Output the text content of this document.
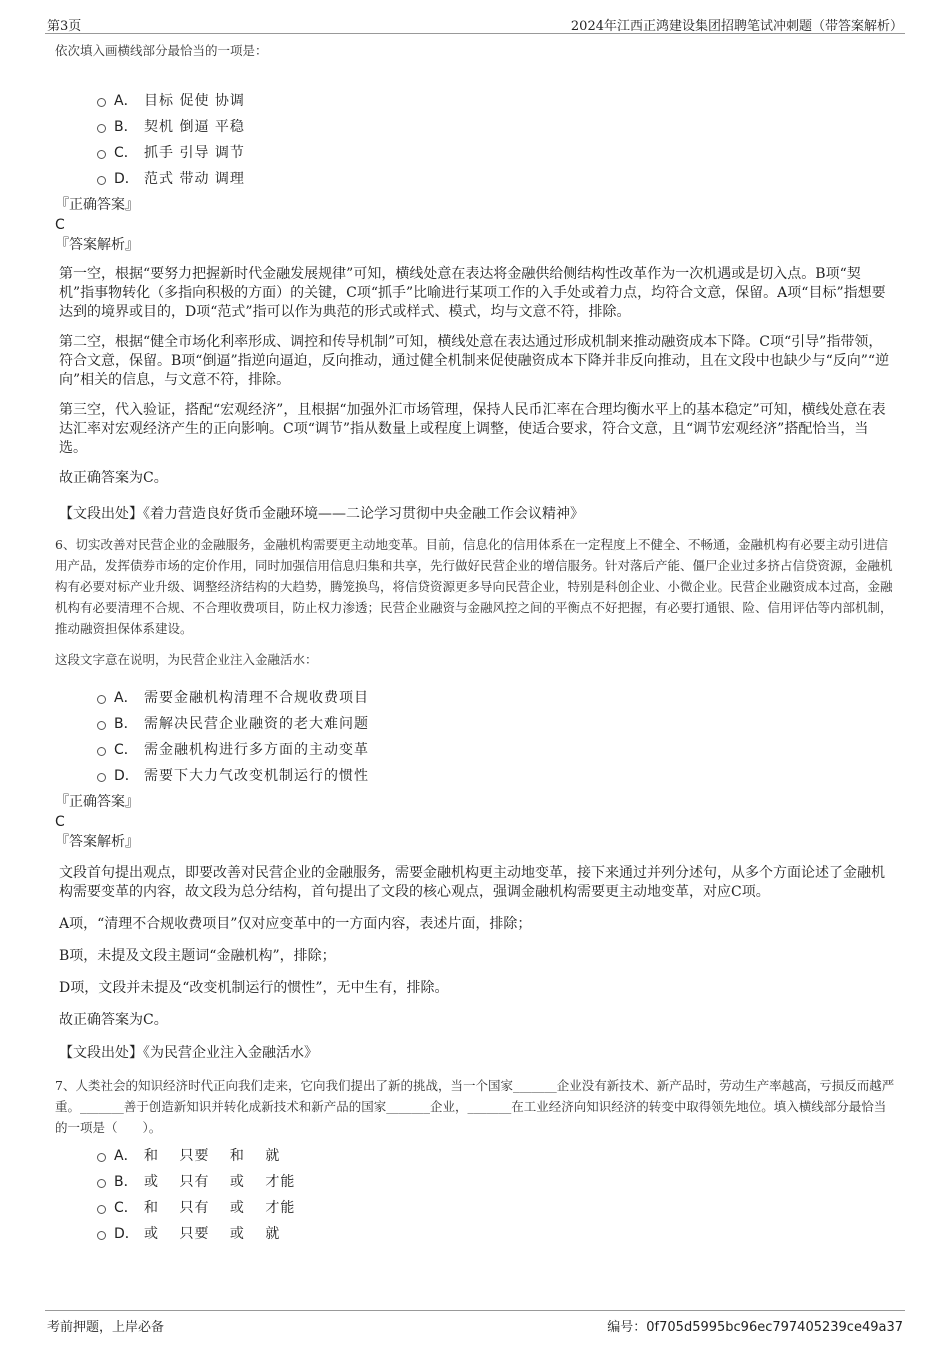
第3页	2024年江西正鸿建设集团招聘笔试冲刺题（带答案解析）

依次填入画横线部分最恰当的一项是：

A． 目标 促使 协调
B． 契机 倒逼 平稳
C． 抓手 引导 调节
D． 范式 带动 调理

『正确答案』

C

『答案解析』

第一空，根据“要努力把握新时代金融发展规律”可知，横线处意在表达将金融供给侧结构性改革作为一次机遇或是切入点。B项“契机”指事物转化（多指向积极的方面）的关键，C项“抓手”比喻进行某项工作的入手处或着力点，均符合文意，保留。A项“目标”指想要达到的境界或目的，D项“范式”指可以作为典范的形式或样式、模式，均与文意不符，排除。

第二空，根据“健全市场化利率形成、调控和传导机制”可知，横线处意在表达通过形成机制来推动融资成本下降。C项“引导”指带领，符合文意，保留。B项“倒逼”指逆向逼迫，反向推动，通过健全机制来促使融资成本下降并非反向推动，且在文段中也缺少与“反向”“逆向”相关的信息，与文意不符，排除。

第三空，代入验证，搭配“宏观经济”，且根据“加强外汇市场管理，保持人民币汇率在合理均衡水平上的基本稳定”可知，横线处意在表达汇率对宏观经济产生的正向影响。C项“调节”指从数量上或程度上调整，使适合要求，符合文意，且“调节宏观经济”搭配恰当，当选。

故正确答案为C。

【文段出处】《着力营造良好货币金融环境——二论学习贯彻中央金融工作会议精神》

6、切实改善对民营企业的金融服务，金融机构需要更主动地变革。目前，信息化的信用体系在一定程度上不健全、不畅通，金融机构有必要主动引进信用产品，发挥债券市场的定价作用，同时加强信用信息归集和共享，先行做好民营企业的增信服务。针对落后产能、僵尸企业过多挤占信贷资源，金融机构有必要对标产业升级、调整经济结构的大趋势，腾笼换鸟，将信贷资源更多导向民营企业，特别是科创企业、小微企业。民营企业融资成本过高，金融机构有必要清理不合规、不合理收费项目，防止权力渗透；民营企业融资与金融风控之间的平衡点不好把握，有必要打通银、险、信用评估等内部机制，推动融资担保体系建设。

这段文字意在说明，为民营企业注入金融活水：

A． 需要金融机构清理不合规收费项目
B． 需解决民营企业融资的老大难问题
C． 需金融机构进行多方面的主动变革
D． 需要下大力气改变机制运行的惯性

『正确答案』

C

『答案解析』

文段首句提出观点，即要改善对民营企业的金融服务，需要金融机构更主动地变革，接下来通过并列分述句，从多个方面论述了金融机构需要变革的内容，故文段为总分结构，首句提出了文段的核心观点，强调金融机构需要更主动地变革，对应C项。

A项，“清理不合规收费项目”仅对应变革中的一方面内容，表述片面，排除；

B项，未提及文段主题词“金融机构”，排除；

D项，文段并未提及“改变机制运行的惯性”，无中生有，排除。

故正确答案为C。

【文段出处】《为民营企业注入金融活水》

7、人类社会的知识经济时代正向我们走来，它向我们提出了新的挑战，当一个国家_______企业没有新技术、新产品时，劳动生产率越高，亏损反而越严重。_______善于创造新知识并转化成新技术和新产品的国家_______企业，_______在工业经济向知识经济的转变中取得领先地位。填入横线部分最恰当的一项是（　　）。

A． 和　 只要　 和　 就
B． 或　 只有　 或　 才能
C． 和　 只有　 或　 才能
D． 或　 只要　 或　 就
考前押题，上岸必备	编号：0f705d5995bc96ec797405239ce49a37
